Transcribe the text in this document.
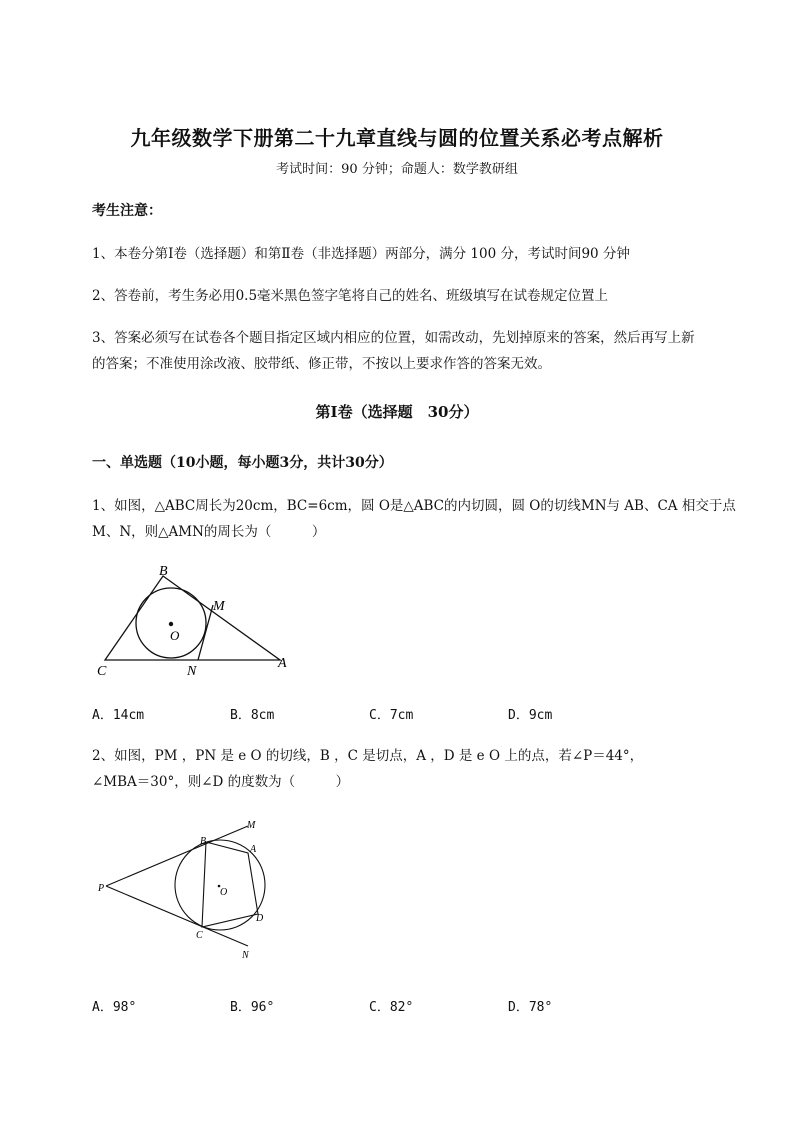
九年级数学下册第二十九章直线与圆的位置关系必考点解析
考试时间：90 分钟；命题人：数学教研组
考生注意：
1、本卷分第Ⅰ卷（选择题）和第Ⅱ卷（非选择题）两部分，满分 100 分，考试时间90 分钟
2、答卷前，考生务必用0.5毫米黑色签字笔将自己的姓名、班级填写在试卷规定位置上
3、答案必须写在试卷各个题目指定区域内相应的位置，如需改动，先划掉原来的答案，然后再写上新
的答案；不准使用涂改液、胶带纸、修正带，不按以上要求作答的答案无效。
第Ⅰ卷（选择题　30分）
一、单选题（10小题，每小题3分，共计30分）
1、如图，△ABC周长为20cm，BC=6cm，圆 O是△ABC的内切圆，圆 O的切线MN与 AB、CA 相交于点
M、N，则△AMN的周长为（　　　）
B
M
O
C	N
A
A．14cm	B．8cm	C．7cm	D．9cm
2、如图，PM ，PN 是 e O 的切线，B ，C 是切点，A ，D 是 e O 上的点，若∠P＝44°，
∠MBA＝30°，则∠D 的度数为（　　　）
M
B
A
P	O
D
C
N
A．98°	B．96°	C．82°	D．78°
